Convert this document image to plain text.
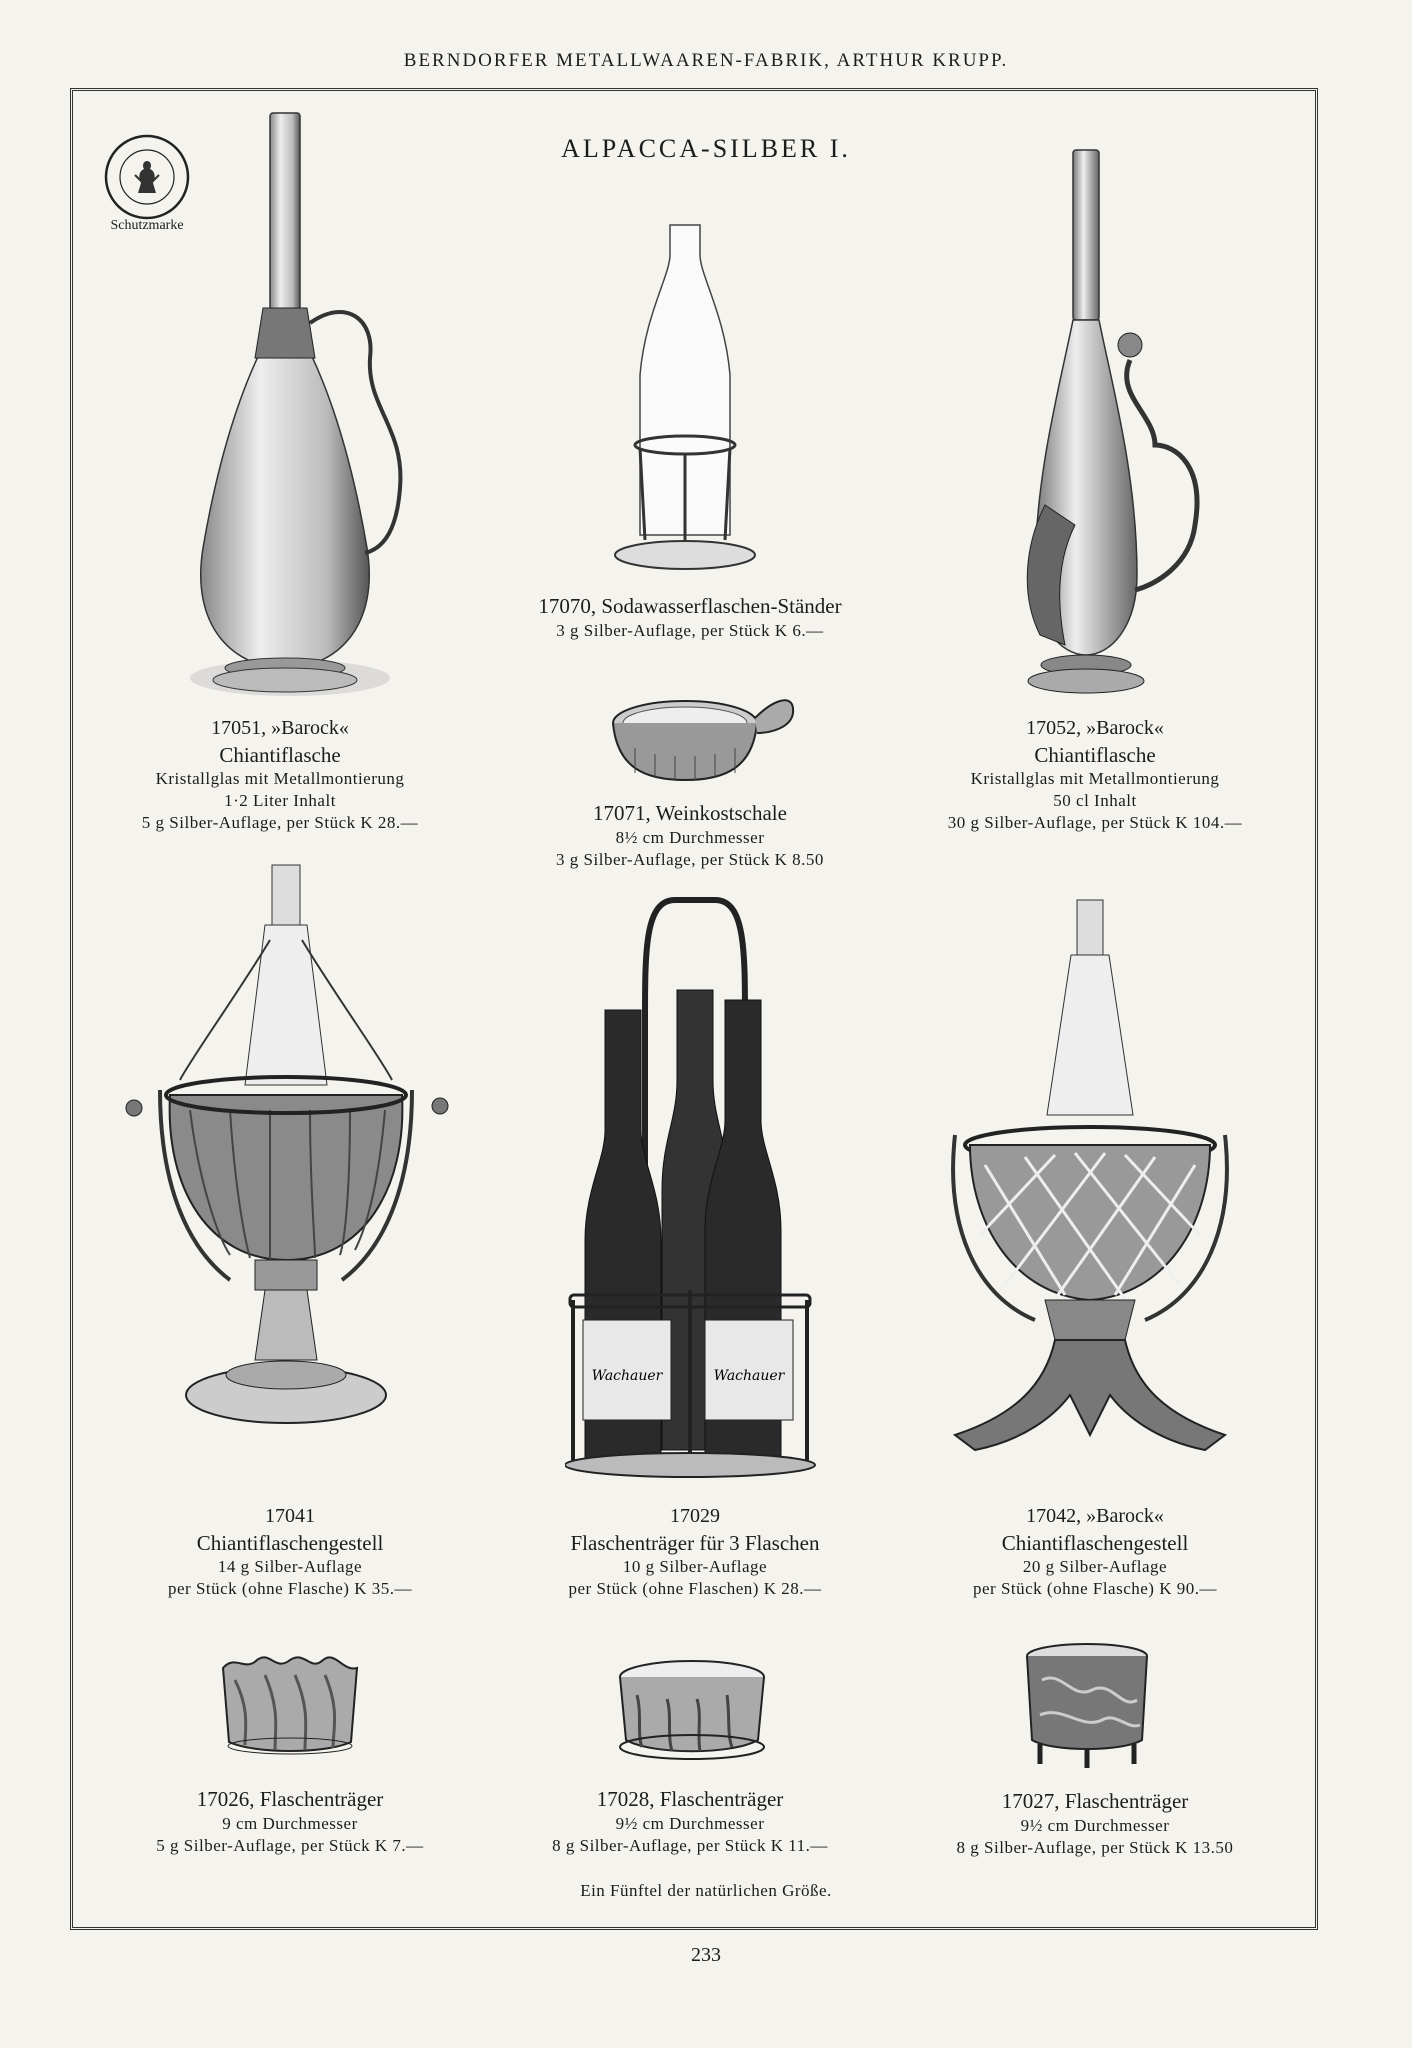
BERNDORFER METALLWAAREN-FABRIK, ARTHUR KRUPP.
Schutzmarke
ALPACCA-SILBER I.
Wachauer	Wachauer
17051, »Barock«
Chiantiflasche
Kristallglas mit Metallmontierung
1·2 Liter Inhalt
5 g Silber-Auflage, per Stück K 28.—
17070, Sodawasserflaschen-Ständer
3 g Silber-Auflage, per Stück K 6.—
17052, »Barock«
Chiantiflasche
Kristallglas mit Metallmontierung
50 cl Inhalt
30 g Silber-Auflage, per Stück K 104.—
17071, Weinkostschale
8½ cm Durchmesser
3 g Silber-Auflage, per Stück K 8.50
17041
Chiantiflaschengestell
14 g Silber-Auflage
per Stück (ohne Flasche) K 35.—
17029
Flaschenträger für 3 Flaschen
10 g Silber-Auflage
per Stück (ohne Flaschen) K 28.—
17042, »Barock«
Chiantiflaschengestell
20 g Silber-Auflage
per Stück (ohne Flasche) K 90.—
17026, Flaschenträger
9 cm Durchmesser
5 g Silber-Auflage, per Stück K 7.—
17028, Flaschenträger
9½ cm Durchmesser
8 g Silber-Auflage, per Stück K 11.—
17027, Flaschenträger
9½ cm Durchmesser
8 g Silber-Auflage, per Stück K 13.50
Ein Fünftel der natürlichen Größe.
233
